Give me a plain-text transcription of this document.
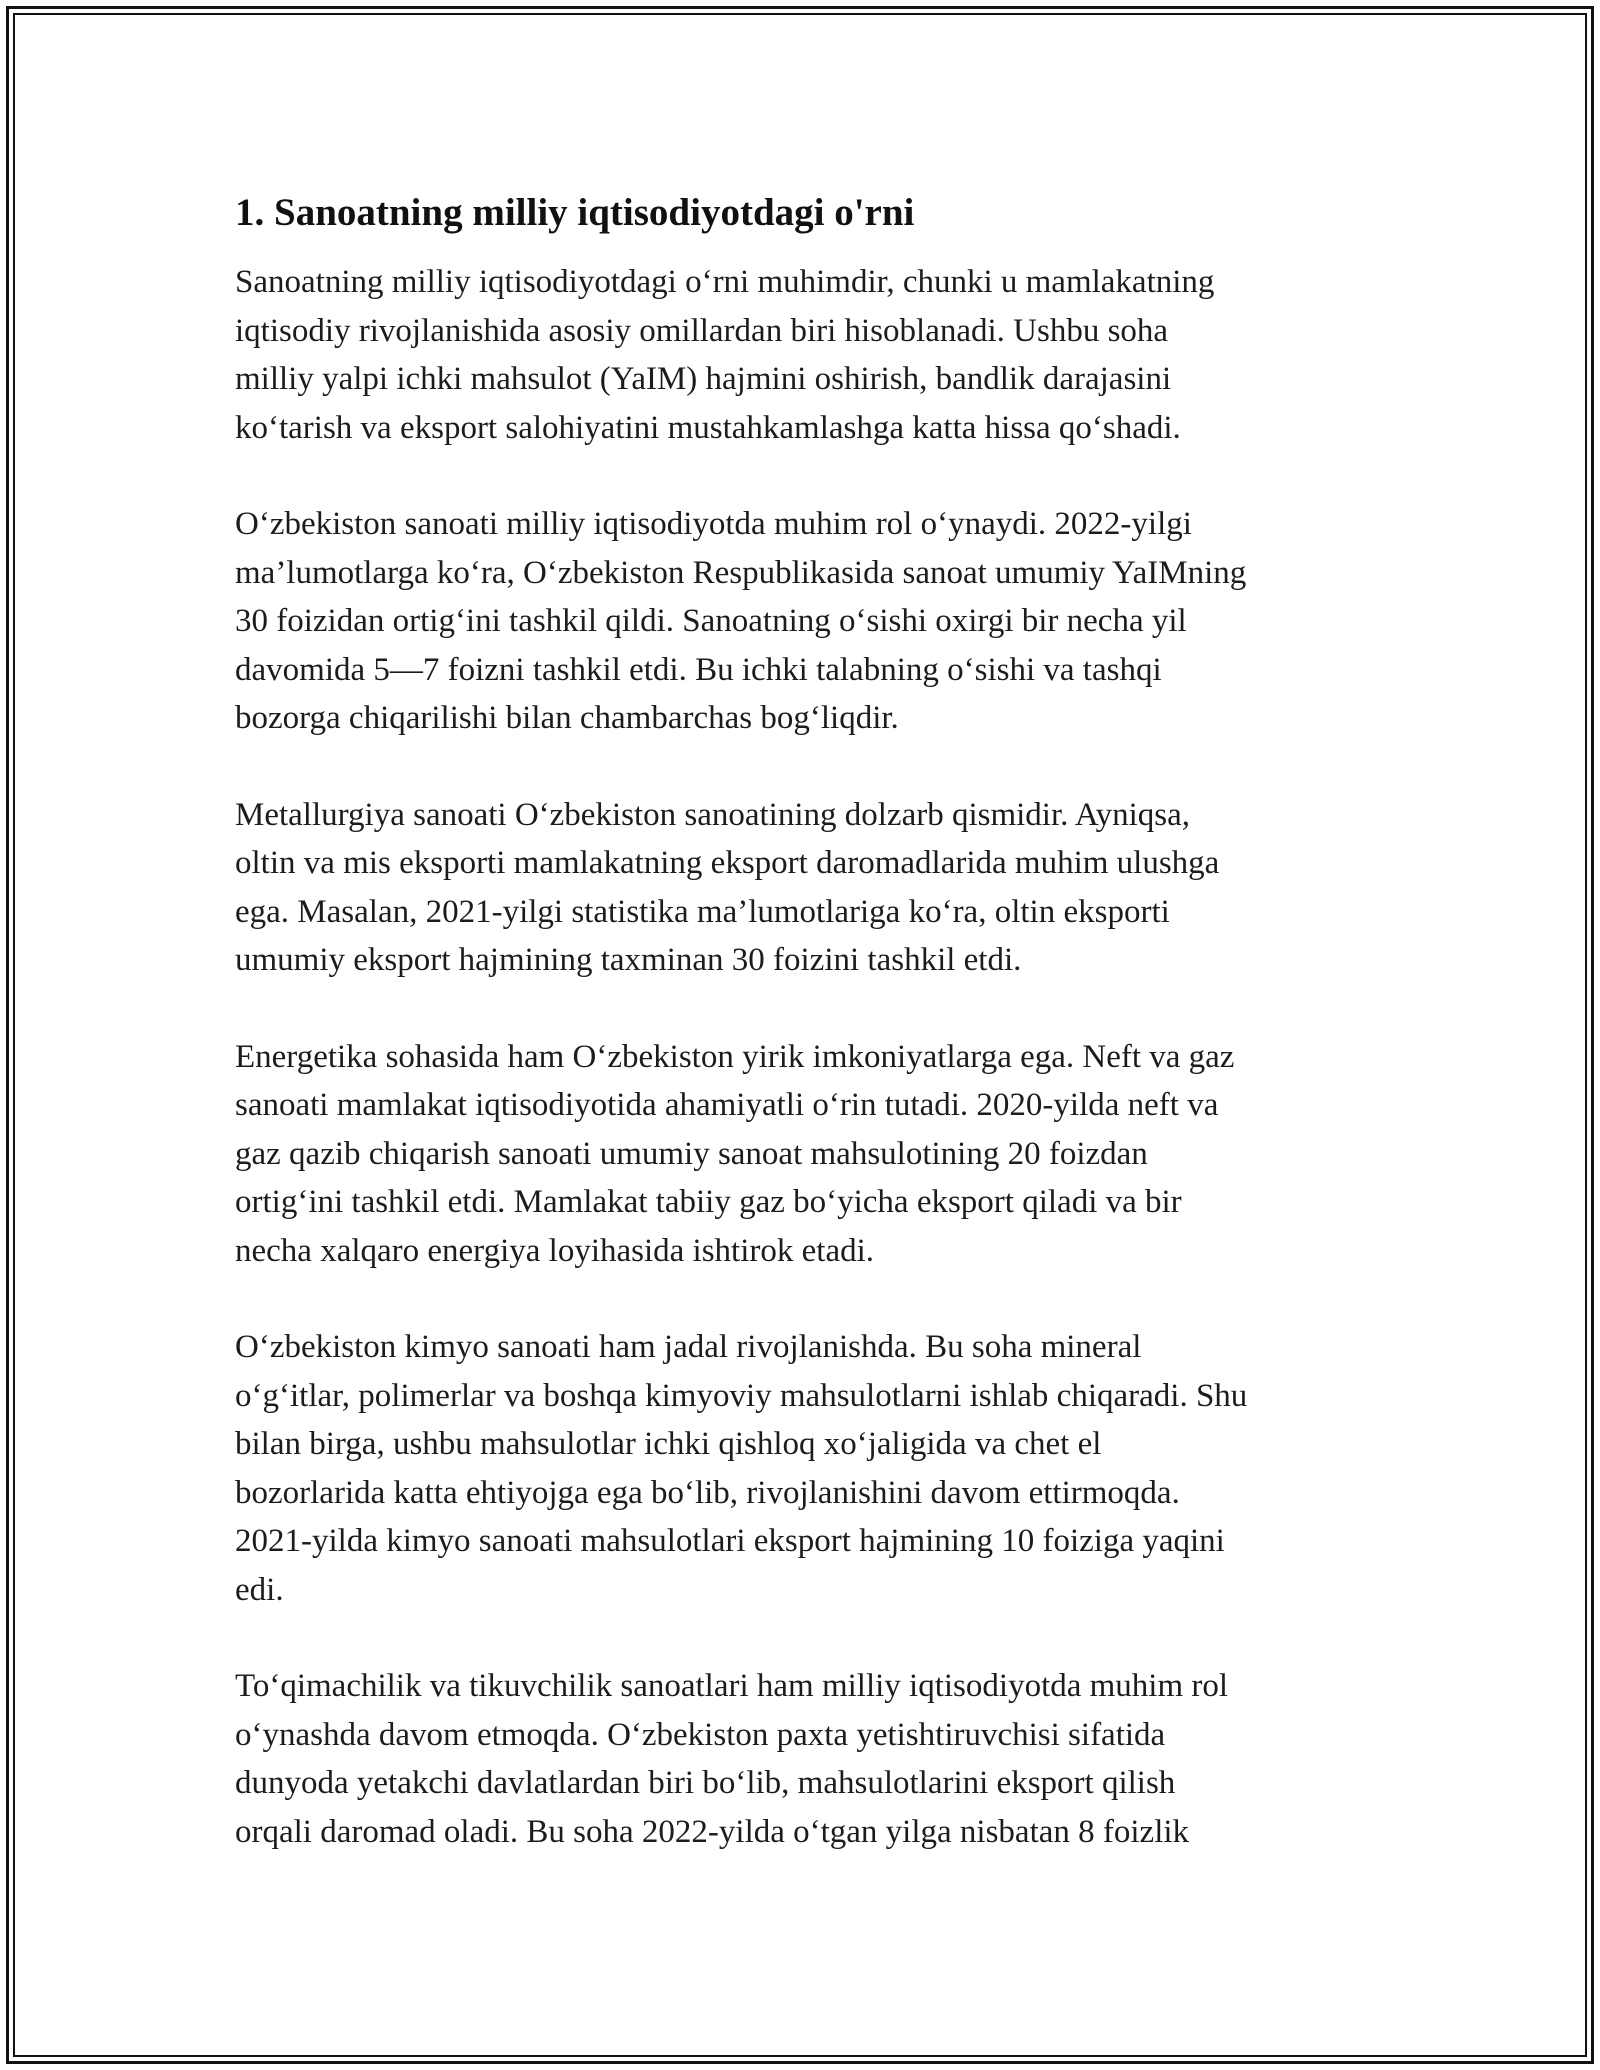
1. Sanoatning milliy iqtisodiyotdagi o'rni
Sanoatning milliy iqtisodiyotdagi o‘rni muhimdir, chunki u mamlakatning
iqtisodiy rivojlanishida asosiy omillardan biri hisoblanadi. Ushbu soha
milliy yalpi ichki mahsulot (YaIM) hajmini oshirish, bandlik darajasini
ko‘tarish va eksport salohiyatini mustahkamlashga katta hissa qo‘shadi.
O‘zbekiston sanoati milliy iqtisodiyotda muhim rol o‘ynaydi. 2022-yilgi
ma’lumotlarga ko‘ra, O‘zbekiston Respublikasida sanoat umumiy YaIMning
30 foizidan ortig‘ini tashkil qildi. Sanoatning o‘sishi oxirgi bir necha yil
davomida 5—7 foizni tashkil etdi. Bu ichki talabning o‘sishi va tashqi
bozorga chiqarilishi bilan chambarchas bog‘liqdir.
Metallurgiya sanoati O‘zbekiston sanoatining dolzarb qismidir. Ayniqsa,
oltin va mis eksporti mamlakatning eksport daromadlarida muhim ulushga
ega. Masalan, 2021-yilgi statistika ma’lumotlariga ko‘ra, oltin eksporti
umumiy eksport hajmining taxminan 30 foizini tashkil etdi.
Energetika sohasida ham O‘zbekiston yirik imkoniyatlarga ega. Neft va gaz
sanoati mamlakat iqtisodiyotida ahamiyatli o‘rin tutadi. 2020-yilda neft va
gaz qazib chiqarish sanoati umumiy sanoat mahsulotining 20 foizdan
ortig‘ini tashkil etdi. Mamlakat tabiiy gaz bo‘yicha eksport qiladi va bir
necha xalqaro energiya loyihasida ishtirok etadi.
O‘zbekiston kimyo sanoati ham jadal rivojlanishda. Bu soha mineral
o‘g‘itlar, polimerlar va boshqa kimyoviy mahsulotlarni ishlab chiqaradi. Shu
bilan birga, ushbu mahsulotlar ichki qishloq xo‘jaligida va chet el
bozorlarida katta ehtiyojga ega bo‘lib, rivojlanishini davom ettirmoqda.
2021-yilda kimyo sanoati mahsulotlari eksport hajmining 10 foiziga yaqini
edi.
To‘qimachilik va tikuvchilik sanoatlari ham milliy iqtisodiyotda muhim rol
o‘ynashda davom etmoqda. O‘zbekiston paxta yetishtiruvchisi sifatida
dunyoda yetakchi davlatlardan biri bo‘lib, mahsulotlarini eksport qilish
orqali daromad oladi. Bu soha 2022-yilda o‘tgan yilga nisbatan 8 foizlik
